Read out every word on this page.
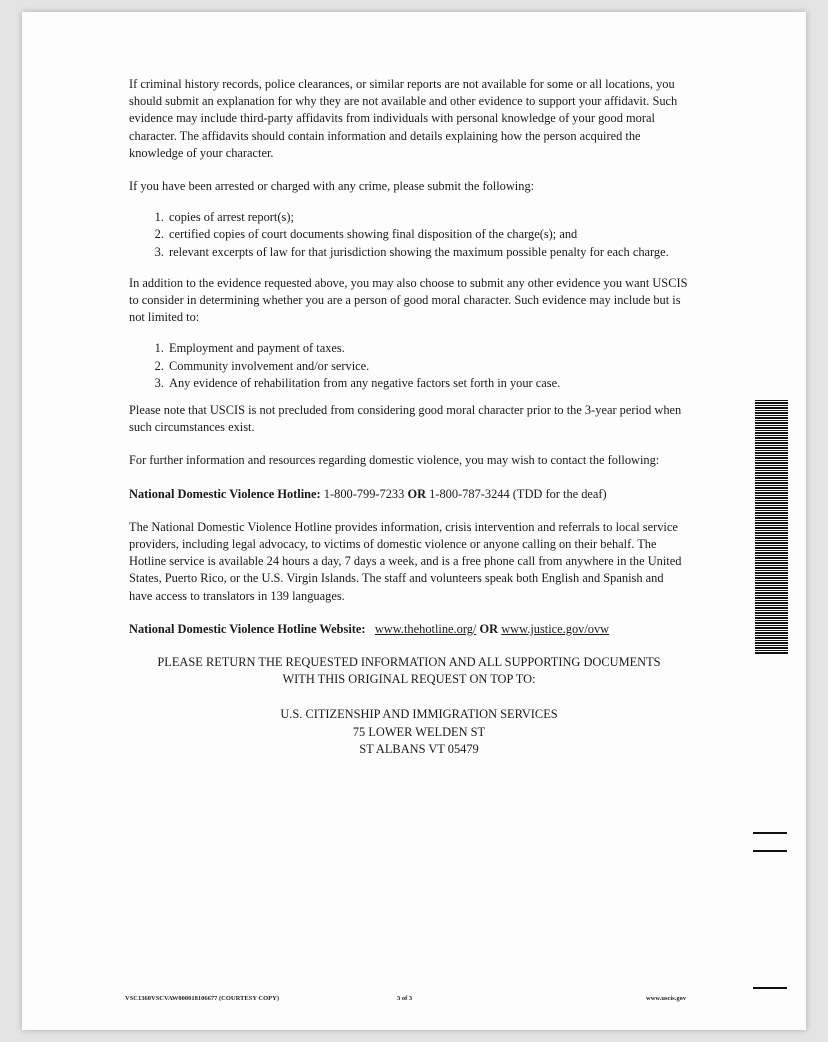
If criminal history records, police clearances, or similar reports are not available for some or all locations, you should submit an explanation for why they are not available and other evidence to support your affidavit. Such evidence may include third-party affidavits from individuals with personal knowledge of your good moral character. The affidavits should contain information and details explaining how the person acquired the knowledge of your character.

If you have been arrested or charged with any crime, please submit the following:

1. copies of arrest report(s);
2. certified copies of court documents showing final disposition of the charge(s); and
3. relevant excerpts of law for that jurisdiction showing the maximum possible penalty for each charge.

In addition to the evidence requested above, you may also choose to submit any other evidence you want USCIS to consider in determining whether you are a person of good moral character. Such evidence may include but is not limited to:

1. Employment and payment of taxes.
2. Community involvement and/or service.
3. Any evidence of rehabilitation from any negative factors set forth in your case.

Please note that USCIS is not precluded from considering good moral character prior to the 3-year period when such circumstances exist.

For further information and resources regarding domestic violence, you may wish to contact the following:

National Domestic Violence Hotline: 1-800-799-7233 OR 1-800-787-3244 (TDD for the deaf)

The National Domestic Violence Hotline provides information, crisis intervention and referrals to local service providers, including legal advocacy, to victims of domestic violence or anyone calling on their behalf. The Hotline service is available 24 hours a day, 7 days a week, and is a free phone call from anywhere in the United States, Puerto Rico, or the U.S. Virgin Islands. The staff and volunteers speak both English and Spanish and have access to translators in 139 languages.

National Domestic Violence Hotline Website: www.thehotline.org/ OR www.justice.gov/ovw

PLEASE RETURN THE REQUESTED INFORMATION AND ALL SUPPORTING DOCUMENTS
WITH THIS ORIGINAL REQUEST ON TOP TO:
U.S. CITIZENSHIP AND IMMIGRATION SERVICES
75 LOWER WELDEN ST
ST ALBANS VT 05479
VSC1360VSCVAW000018106677 (COURTESY COPY)	3 of 3	www.uscis.gov
